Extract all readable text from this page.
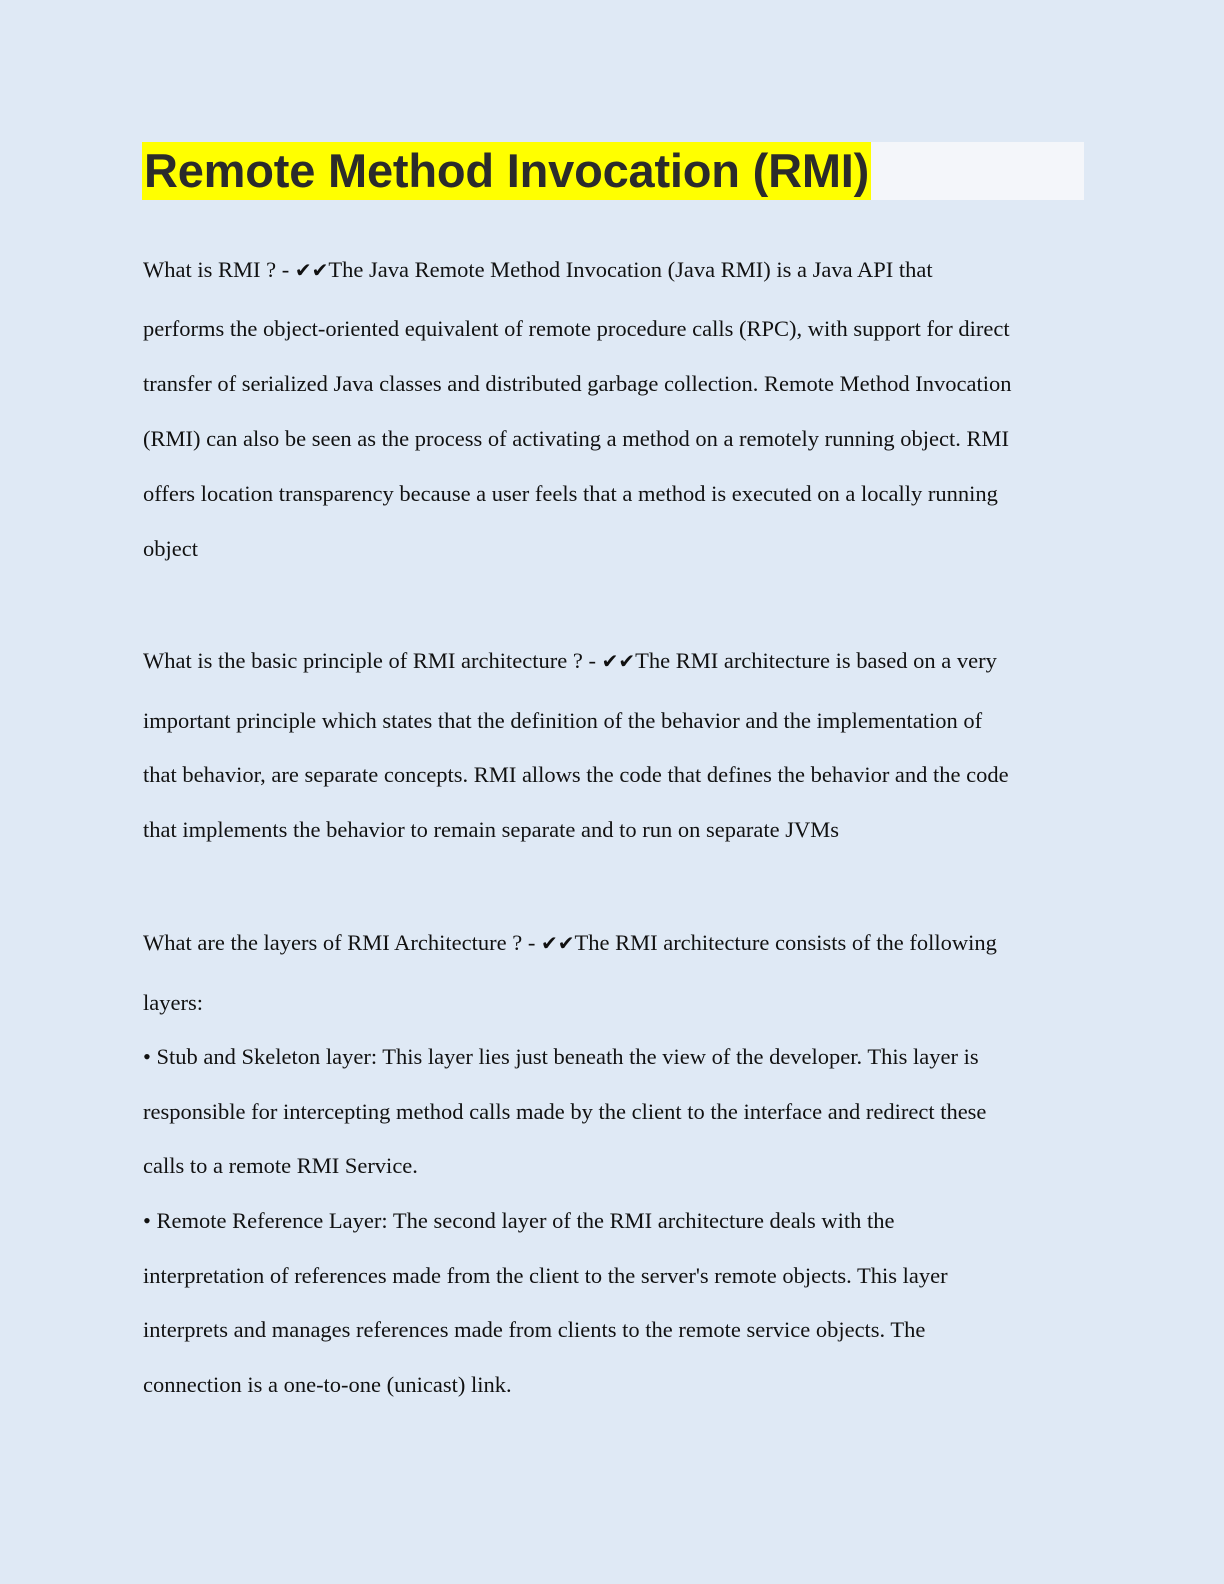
Remote Method Invocation (RMI)
What is RMI ? - ✔✔The Java Remote Method Invocation (Java RMI) is a Java API that
performs the object-oriented equivalent of remote procedure calls (RPC), with support for direct
transfer of serialized Java classes and distributed garbage collection. Remote Method Invocation
(RMI) can also be seen as the process of activating a method on a remotely running object. RMI
offers location transparency because a user feels that a method is executed on a locally running
object
What is the basic principle of RMI architecture ? - ✔✔The RMI architecture is based on a very
important principle which states that the definition of the behavior and the implementation of
that behavior, are separate concepts. RMI allows the code that defines the behavior and the code
that implements the behavior to remain separate and to run on separate JVMs
What are the layers of RMI Architecture ? - ✔✔The RMI architecture consists of the following
layers:
• Stub and Skeleton layer: This layer lies just beneath the view of the developer. This layer is
responsible for intercepting method calls made by the client to the interface and redirect these
calls to a remote RMI Service.
• Remote Reference Layer: The second layer of the RMI architecture deals with the
interpretation of references made from the client to the server's remote objects. This layer
interprets and manages references made from clients to the remote service objects. The
connection is a one-to-one (unicast) link.
